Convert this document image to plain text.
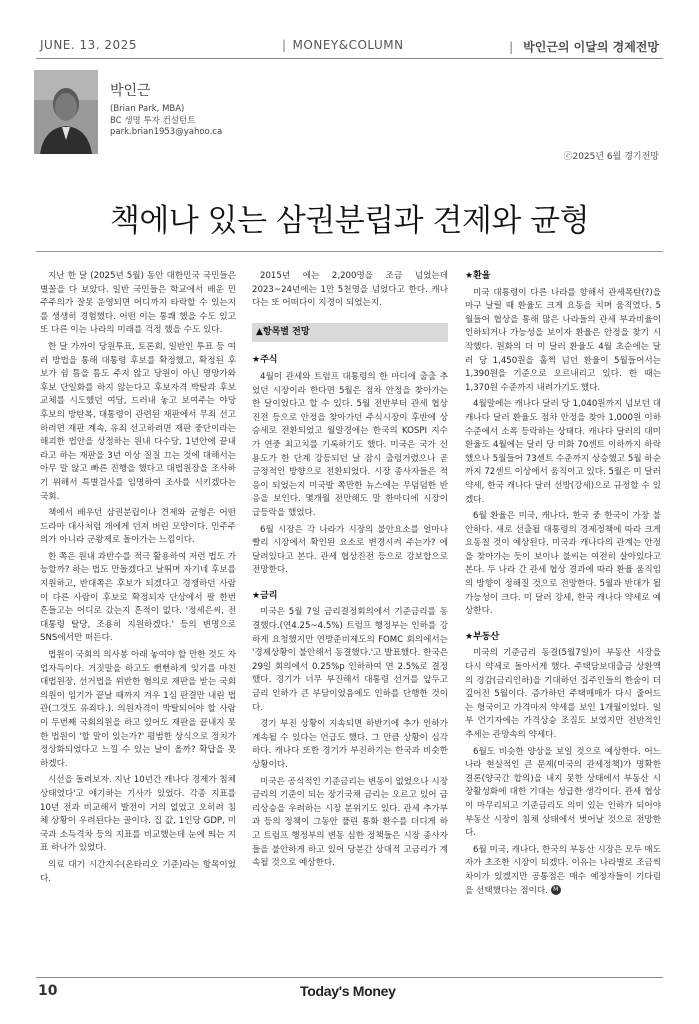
JUNE. 13. 2025	| MONEY&COLUMN	| 박인근의 이달의 경제전망
박인근
(Brian Park, MBA)
BC 생명 투자 컨설턴트
park.brian1953@yahoo.ca
ⓒ2025년 6월 경기전망
책에나 있는 삼권분립과 견제와 균형

지난 한 달 (2025년 5월) 동안 대한민국 국민들은 별꼴을 다 보았다. 일반 국민들은 학교에서 배운 민주주의가 잘못 운영되면 어디까지 타락할 수 있는지를 생생히 경험했다. 어떤 이는 통쾌 했을 수도 있고 또 다른 이는 나라의 미래를 걱정 했을 수도 있다.

한 달 가까이 당원투표, 토론회, 일반인 투표 등 여러 방법을 통해 대통령 후보를 확정했고, 확정된 후보가 쉼 틈을 틈도 주지 않고 당원이 아닌 명망가와 후보 단일화를 하지 않는다고 후보자격 박탈과 후보교체를 시도했던 여당, 드러내 놓고 보여주는 야당 후보의 방탄복, 대통령이 관련된 재판에서 무죄 선고하려면 재판 계속, 유죄 선고하려면 재판 중단이라는 해괴한 법안을 상정하는 원내 다수당, 1년안에 끝내라고 하는 재판을 3년 이상 질질 끄는 것에 대해서는 아무 말 않고 빠른 진행을 했다고 대법원장을 조사하기 위해서 특별검사를 임명하여 조사를 시키겠다는 국회.

책에서 배우던 삼권분립이나 견제와 균형은 어떤 드라마 대사처럼 개에게 던져 버린 모양이다. 민주주의가 아니라 군왕제로 돌아가는 느낌이다.

한 쪽은 원내 과반수를 적극 활용하여 저런 법도 가능할까? 하는 법도 만들겠다고 날뛰며 자기네 후보를 지원하고, 반대쪽은 후보가 되겠다고 경쟁하던 사람이 다른 사람이 후보로 확정되자 단상에서 팔 한번 흔들고는 어디로 갔는지 흔적이 없다. '정세은씨, 전대통령 탈당, 조용히 지원하겠다.' 등의 변명으로 SNS에서만 떠든다.

법원이 국회의 의사봉 아래 놓여야 할 만한 것도 자업자득이다. 거짓말을 하고도 뻔뻔하게 잊기를 마친 대법원장, 선거법을 위반한 혐의로 재판을 받는 국회의원이 임기가 끝날 때까지 겨우 1심 판결만 내린 법관(그것도 유죄다.). 의원자격이 박탈되어야 할 사람이 두번째 국회의원을 하고 있어도 재판을 끝내지 못한 법원이 '할 말이 있는가?' 평범한 상식으로 정치가 정상화되었다고 느낄 수 있는 날이 올까? 확답을 못하겠다.

시선을 돌려보자. 지난 10년간 캐나다 경제가 침체 상태였다'고 얘기하는 기사가 있었다. 각종 지표를 10년 전과 비교해서 발전이 거의 없었고 오히려 침체 상황이 우려된다는 골이다. 집 값, 1인당 GDP, 미국과 소득격차 등의 지표를 비교했는데 눈에 띄는 지표 하나가 있었다.

의료 대기 시간지수(온타리오 기준)라는 항목이었다.

2015년 에는 2,200명을 조금 넘었는데 2023~24년에는 1만 5천명을 넘었다고 한다. 캐나다는 또 어떠다이 지경이 되었는지.

▲항목별 전망
★주식

4월이 관세와 트럼프 대통령의 한 마디에 출출 추었던 시장이라 한다면 5월은 점차 안정을 찾아가는 한 달이었다고 할 수 있다. 5월 전반부터 관세 협상진전 등으로 안정을 찾아가던 주식시장이 후반에 상승세로 전환되었고 월말경에는 한국의 KOSPI 지수가 연중 최고치를 기록하기도 했다. 미국은 국가 신용도가 한 단계 강등되던 날 잠시 출렁거렸으나 곧 긍정적인 방향으로 전환되었다. 시장 종사자들은 적응이 되었는지 미국발 쪽만한 뉴스에는 무덤덤한 반응을 보인다. 몇개월 전만해도 말 한마디에 시장이 급등락을 했었다.

6월 시장은 각 나라가 시장의 불안요소를 얼마나 빨리 시장에서 확인된 요소로 변경시켜 주는가? 에 달려있다고 본다. 관세 협상진전 등으로 강보합으로 전망한다.

★금리

미국은 5월 7일 금리결정회의에서 기준금리를 동결했다.(연4.25~4.5%) 트럼프 행정부는 인하를 강하게 요청했지만 연방준비제도의 FOMC 회의에서는 '경제상황이 불안해서 동결했다.'고 발표했다. 한국은 29일 회의에서 0.25%p 인하하여 연 2.5%로 결정했다. 경기가 너무 부진해서 대통령 선거를 앞두고 금리 인하가 큰 부담이었음에도 인하를 단행한 것이다.

경기 부진 상황이 지속되면 하반기에 추가 인하가 계속될 수 있다는 언급도 했다. 그 만큼 상황이 심각하다. 캐나다 또한 경기가 부진하기는 한국과 비슷한 상황이다.

미국은 공식적인 기준금리는 변동이 없었으나 시장금리의 기준이 되는 장기국채 금리는 오르고 있어 금리상승을 우려하는 시장 분위기도 있다. 관세 추가부과 등의 정책이 그동안 풀린 통화 환수를 더디게 하고 트럼프 행정부의 변동 심한 정책들은 시장 종사자들을 불안하게 하고 있어 당분간 상대적 고금리가 계속될 것으로 예상한다.

★환율

미국 대통령이 다른 나라를 향해서 관세폭탄(?)을 마구 날릴 때 환율도 크게 요동을 치며 움직였다. 5월들어 협상을 통해 많은 나라들의 관세 부과비율이 인하되거나 가능성을 보이자 환율은 안정을 찾기 시작했다. 원화의 더 미 달러 환율도 4월 초순에는 달러 당 1,450원을 훌쩍 넘던 환율이 5월들어서는 1,390원을 기준으로 오르내리고 있다. 한 때는 1,370원 수준까지 내려가기도 했다.

4월말에는 캐나다 달러 당 1,040원까지 넘보던 대캐나다 달러 환율도 점차 안정을 찾아 1,000원 이하 수준에서 소폭 등락하는 상태다. 캐나다 달러의 대미환율도 4월에는 달러 당 미화 70센트 이하까지 하락했으나 5월들어 73센트 수준까지 상승했고 5월 하순까지 72센트 이상에서 움직이고 있다. 5월은 미 달러 약세, 한국 캐나다 달러 선방(강세)으로 규정할 수 있겠다.

6월 환율은 미국, 캐나다, 한국 중 한국이 가장 불안하다. 새로 선출될 대통령의 경제정책에 따라 크게 요동칠 것이 예상된다. 미국과 캐나다의 관계는 안정을 찾아가는 듯이 보이나 불씨는 여전히 살아있다고 본다. 두 나라 간 관세 협상 결과에 따라 환율 움직임의 방향이 정해질 것으로 전망한다. 5월과 반대가 될 가능성이 크다. 미 달러 강세, 한국 캐나다 약세로 예상한다.

★부동산

미국의 기준금리 동결(5월7일)이 부동산 시장을 다시 약세로 돌아서게 했다. 주택담보대출금 상환액의 경감(금리인하)을 기대하던 집주인들의 한숨이 더 깊어진 5월이다. 증가하던 주택매매가 다시 줄어드는 형국이고 가격마저 약세를 보인 1개월이었다. 일부 언기자에는 가격상승 조짐도 보였지만 전반적인 추세는 관망속의 약세다.

6월도 비슷한 양상을 보일 것으로 예상한다. 어느 나라 현실적인 큰 문제(미국의 관세정책)가 명확한 결론(양국간 합의)을 내지 못한 상태에서 부동산 시장활성화에 대한 기대는 성급한 생각이다. 관세 협상이 마무리되고 기준금리도 의미 있는 인하가 되어야 부동산 시장이 침체 상태에서 벗어날 것으로 전망한다.

6월 미국, 캐나다, 한국의 부동산 시장은 모두 매도자가 초조한 시장이 되겠다. 이유는 나라별로 조금씩 차이가 있겠지만 공통점은 매수 예정자들이 기다림을 선택했다는 점이다. M

10	Today's Money
